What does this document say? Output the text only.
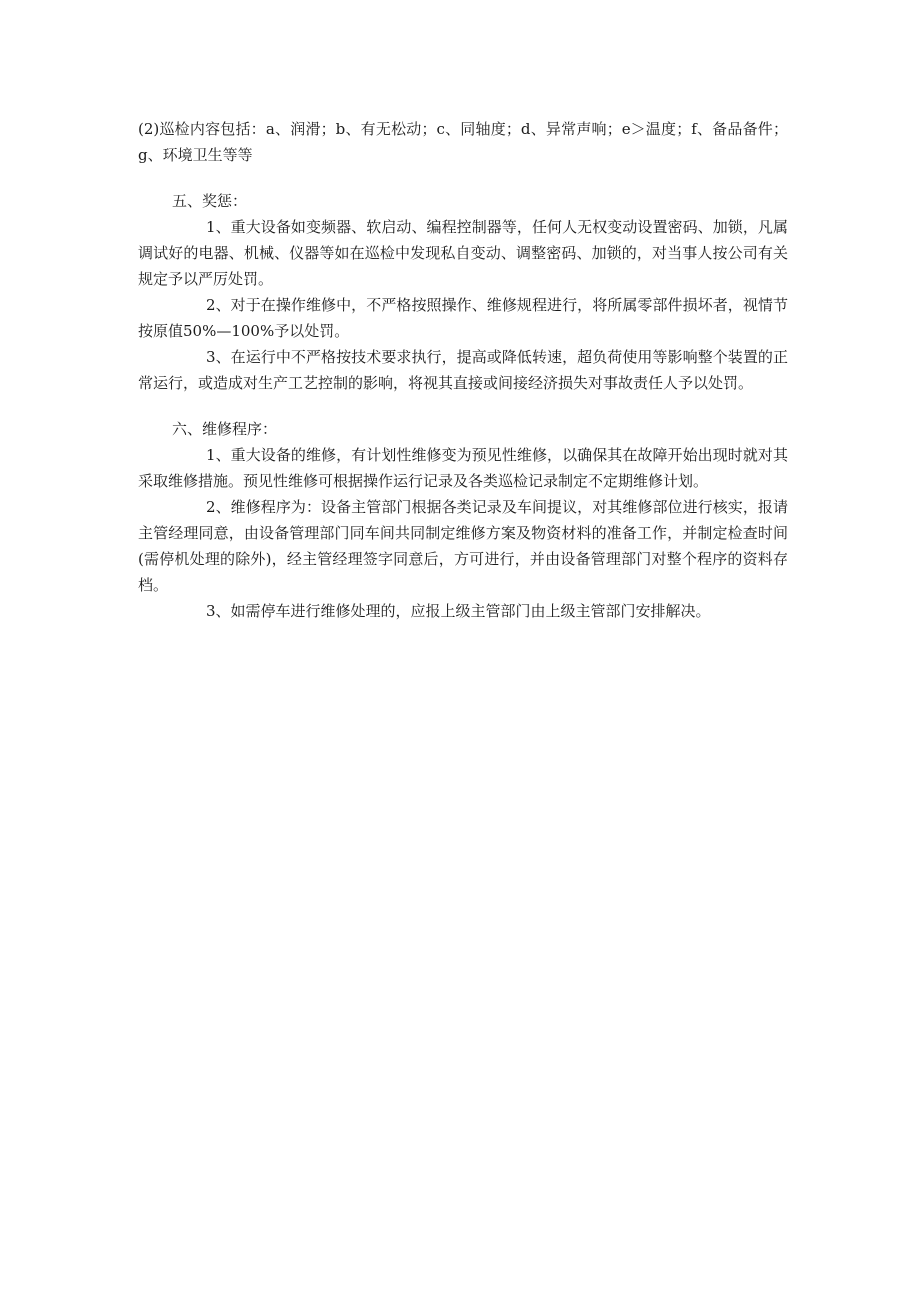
(2)巡检内容包括：a、润滑；b、有无松动；c、同轴度；d、异常声响；e＞温度；f、备品备件；g、环境卫生等等

五、奖惩：

1、重大设备如变频器、软启动、编程控制器等，任何人无权变动设置密码、加锁，凡属调试好的电器、机械、仪器等如在巡检中发现私自变动、调整密码、加锁的，对当事人按公司有关规定予以严厉处罚。

2、对于在操作维修中，不严格按照操作、维修规程进行，将所属零部件损坏者，视情节按原值50%—100%予以处罚。

3、在运行中不严格按技术要求执行，提高或降低转速，超负荷使用等影响整个装置的正常运行，或造成对生产工艺控制的影响，将视其直接或间接经济损失对事故责任人予以处罚。

六、维修程序：

1、重大设备的维修，有计划性维修变为预见性维修，以确保其在故障开始出现时就对其采取维修措施。预见性维修可根据操作运行记录及各类巡检记录制定不定期维修计划。

2、维修程序为：设备主管部门根据各类记录及车间提议，对其维修部位进行核实，报请主管经理同意，由设备管理部门同车间共同制定维修方案及物资材料的准备工作，并制定检查时间(需停机处理的除外)，经主管经理签字同意后，方可进行，并由设备管理部门对整个程序的资料存档。

3、如需停车进行维修处理的，应报上级主管部门由上级主管部门安排解决。
